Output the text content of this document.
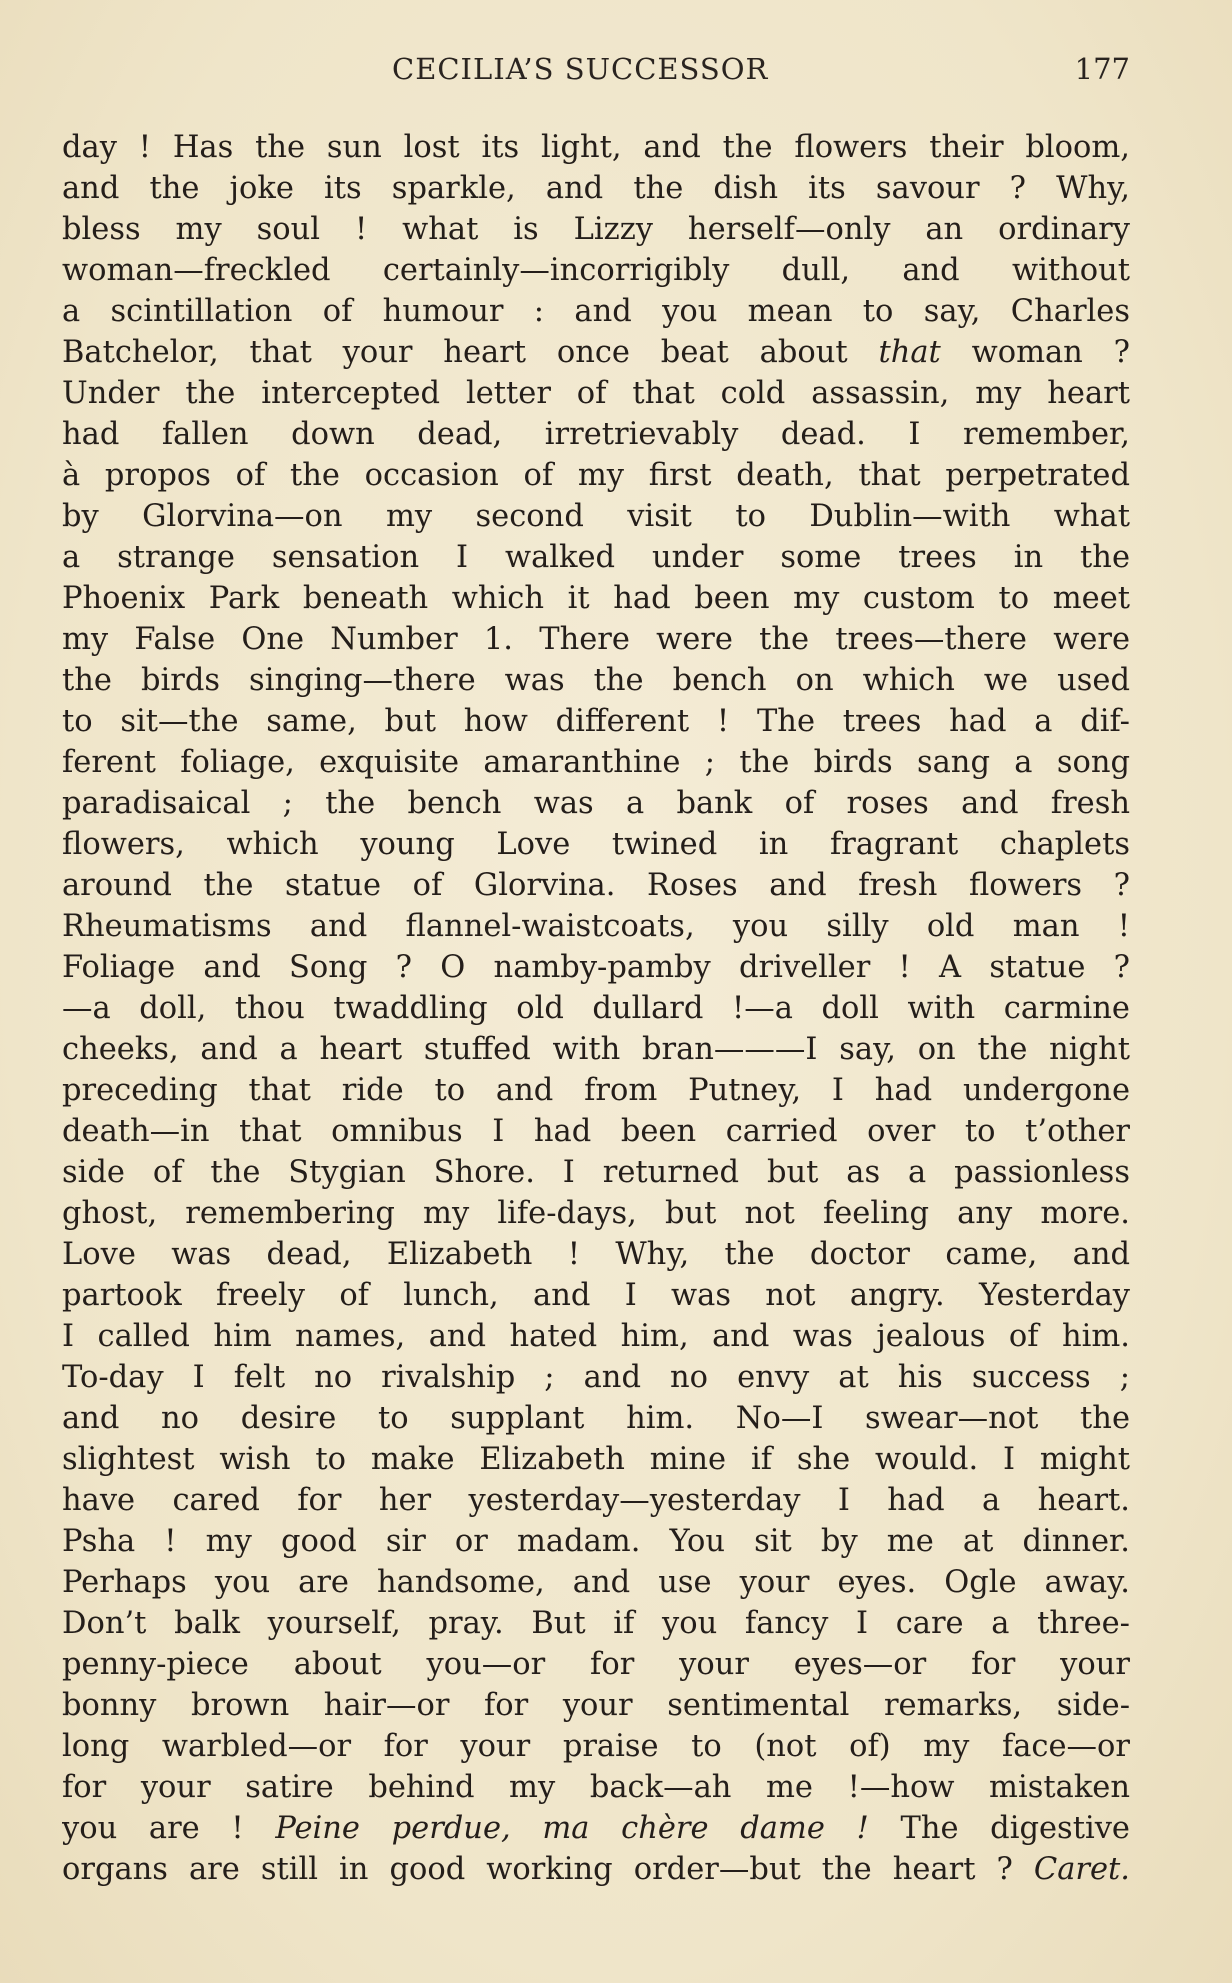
CECILIA’S SUCCESSOR	177
day ! Has the sun lost its light, and the flowers their bloom,
and the joke its sparkle, and the dish its savour ? Why,
bless my soul ! what is Lizzy herself—only an ordinary
woman—freckled certainly—incorrigibly dull, and without
a scintillation of humour : and you mean to say, Charles
Batchelor, that your heart once beat about that woman ?
Under the intercepted letter of that cold assassin, my heart
had fallen down dead, irretrievably dead. I remember,
à propos of the occasion of my first death, that perpetrated
by Glorvina—on my second visit to Dublin—with what
a strange sensation I walked under some trees in the
Phoenix Park beneath which it had been my custom to meet
my False One Number 1. There were the trees—there were
the birds singing—there was the bench on which we used
to sit—the same, but how different ! The trees had a dif-
ferent foliage, exquisite amaranthine ; the birds sang a song
paradisaical ; the bench was a bank of roses and fresh
flowers, which young Love twined in fragrant chaplets
around the statue of Glorvina. Roses and fresh flowers ?
Rheumatisms and flannel-waistcoats, you silly old man !
Foliage and Song ? O namby-pamby driveller ! A statue ?
—a doll, thou twaddling old dullard !—a doll with carmine
cheeks, and a heart stuffed with bran———I say, on the night
preceding that ride to and from Putney, I had undergone
death—in that omnibus I had been carried over to t’other
side of the Stygian Shore. I returned but as a passionless
ghost, remembering my life-days, but not feeling any more.
Love was dead, Elizabeth ! Why, the doctor came, and
partook freely of lunch, and I was not angry. Yesterday
I called him names, and hated him, and was jealous of him.
To-day I felt no rivalship ; and no envy at his success ;
and no desire to supplant him. No—I swear—not the
slightest wish to make Elizabeth mine if she would. I might
have cared for her yesterday—yesterday I had a heart.
Psha ! my good sir or madam. You sit by me at dinner.
Perhaps you are handsome, and use your eyes. Ogle away.
Don’t balk yourself, pray. But if you fancy I care a three-
penny-piece about you—or for your eyes—or for your
bonny brown hair—or for your sentimental remarks, side-
long warbled—or for your praise to (not of) my face—or
for your satire behind my back—ah me !—how mistaken
you are ! Peine perdue, ma chère dame ! The digestive
organs are still in good working order—but the heart ? Caret.
